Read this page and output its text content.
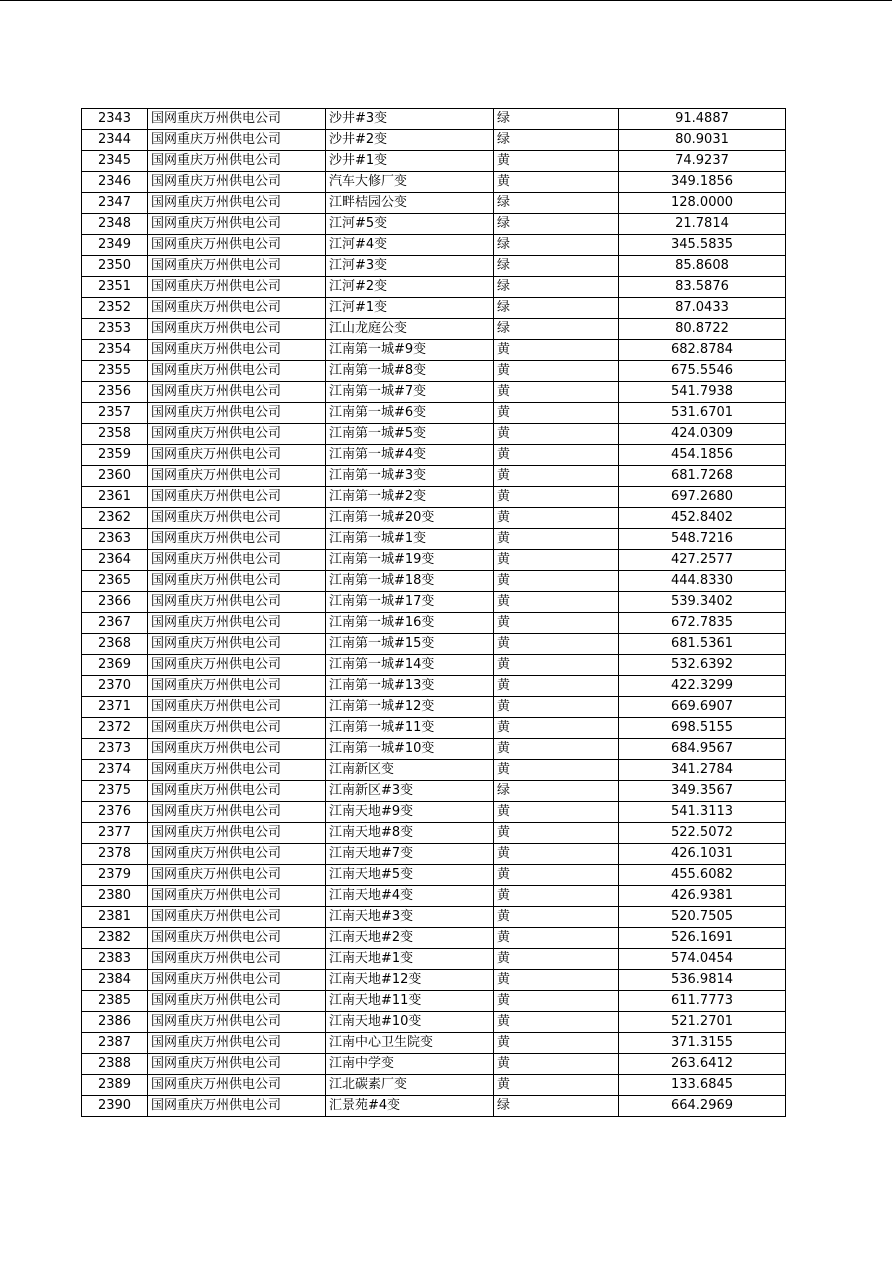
2343	国网重庆万州供电公司	沙井#3变	绿	91.4887
2344	国网重庆万州供电公司	沙井#2变	绿	80.9031
2345	国网重庆万州供电公司	沙井#1变	黄	74.9237
2346	国网重庆万州供电公司	汽车大修厂变	黄	349.1856
2347	国网重庆万州供电公司	江畔桔园公变	绿	128.0000
2348	国网重庆万州供电公司	江河#5变	绿	21.7814
2349	国网重庆万州供电公司	江河#4变	绿	345.5835
2350	国网重庆万州供电公司	江河#3变	绿	85.8608
2351	国网重庆万州供电公司	江河#2变	绿	83.5876
2352	国网重庆万州供电公司	江河#1变	绿	87.0433
2353	国网重庆万州供电公司	江山龙庭公变	绿	80.8722
2354	国网重庆万州供电公司	江南第一城#9变	黄	682.8784
2355	国网重庆万州供电公司	江南第一城#8变	黄	675.5546
2356	国网重庆万州供电公司	江南第一城#7变	黄	541.7938
2357	国网重庆万州供电公司	江南第一城#6变	黄	531.6701
2358	国网重庆万州供电公司	江南第一城#5变	黄	424.0309
2359	国网重庆万州供电公司	江南第一城#4变	黄	454.1856
2360	国网重庆万州供电公司	江南第一城#3变	黄	681.7268
2361	国网重庆万州供电公司	江南第一城#2变	黄	697.2680
2362	国网重庆万州供电公司	江南第一城#20变	黄	452.8402
2363	国网重庆万州供电公司	江南第一城#1变	黄	548.7216
2364	国网重庆万州供电公司	江南第一城#19变	黄	427.2577
2365	国网重庆万州供电公司	江南第一城#18变	黄	444.8330
2366	国网重庆万州供电公司	江南第一城#17变	黄	539.3402
2367	国网重庆万州供电公司	江南第一城#16变	黄	672.7835
2368	国网重庆万州供电公司	江南第一城#15变	黄	681.5361
2369	国网重庆万州供电公司	江南第一城#14变	黄	532.6392
2370	国网重庆万州供电公司	江南第一城#13变	黄	422.3299
2371	国网重庆万州供电公司	江南第一城#12变	黄	669.6907
2372	国网重庆万州供电公司	江南第一城#11变	黄	698.5155
2373	国网重庆万州供电公司	江南第一城#10变	黄	684.9567
2374	国网重庆万州供电公司	江南新区变	黄	341.2784
2375	国网重庆万州供电公司	江南新区#3变	绿	349.3567
2376	国网重庆万州供电公司	江南天地#9变	黄	541.3113
2377	国网重庆万州供电公司	江南天地#8变	黄	522.5072
2378	国网重庆万州供电公司	江南天地#7变	黄	426.1031
2379	国网重庆万州供电公司	江南天地#5变	黄	455.6082
2380	国网重庆万州供电公司	江南天地#4变	黄	426.9381
2381	国网重庆万州供电公司	江南天地#3变	黄	520.7505
2382	国网重庆万州供电公司	江南天地#2变	黄	526.1691
2383	国网重庆万州供电公司	江南天地#1变	黄	574.0454
2384	国网重庆万州供电公司	江南天地#12变	黄	536.9814
2385	国网重庆万州供电公司	江南天地#11变	黄	611.7773
2386	国网重庆万州供电公司	江南天地#10变	黄	521.2701
2387	国网重庆万州供电公司	江南中心卫生院变	黄	371.3155
2388	国网重庆万州供电公司	江南中学变	黄	263.6412
2389	国网重庆万州供电公司	江北碳素厂变	黄	133.6845
2390	国网重庆万州供电公司	汇景苑#4变	绿	664.2969
